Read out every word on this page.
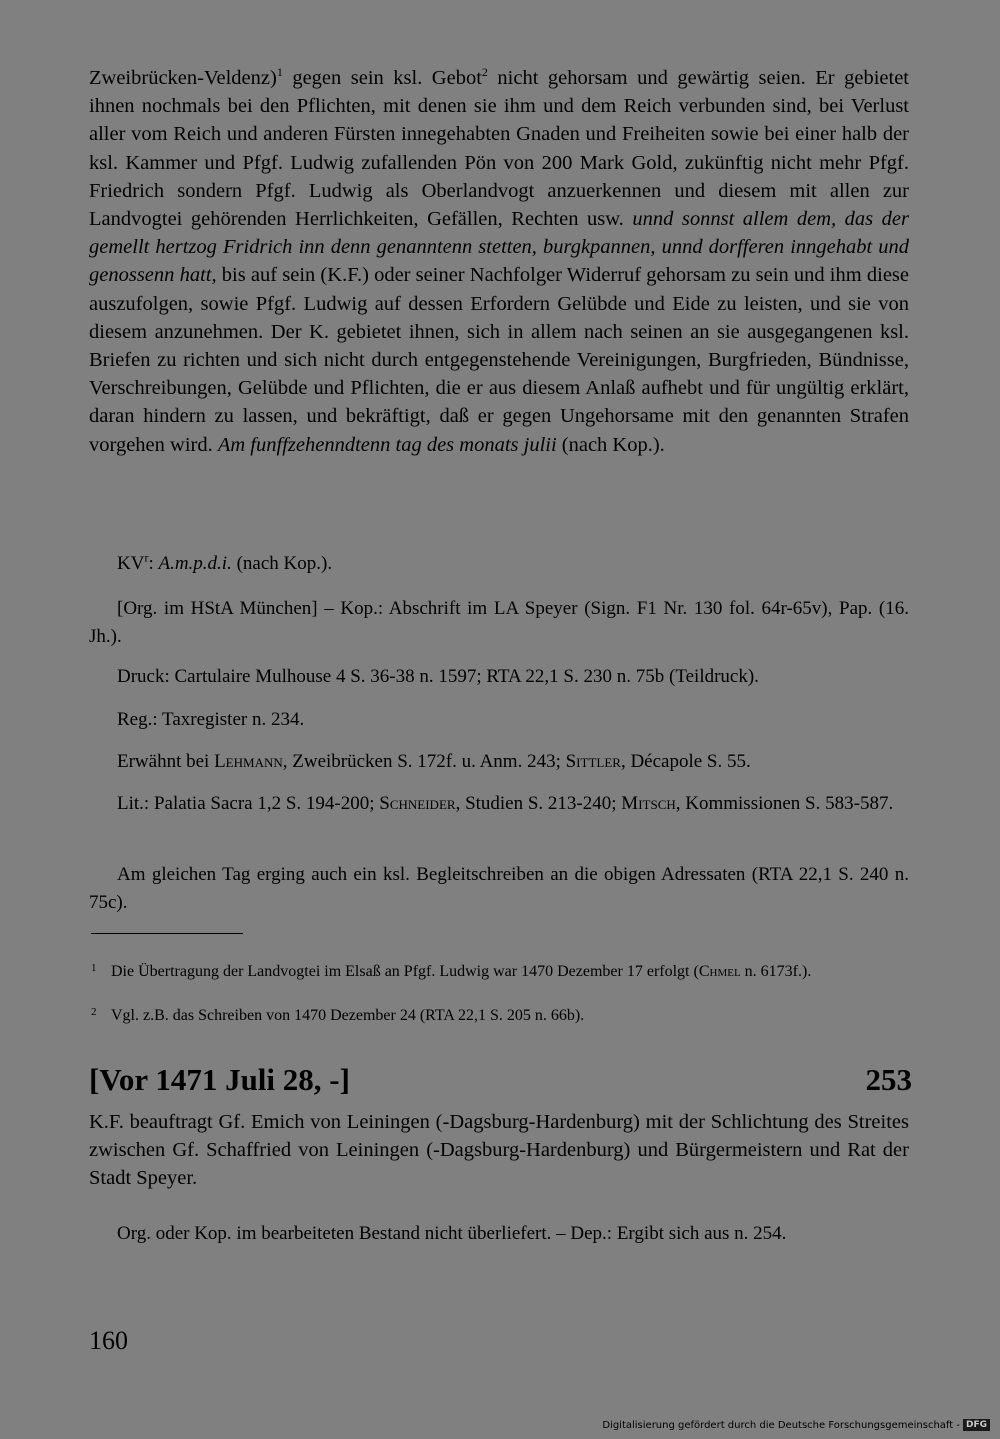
Zweibrücken-Veldenz)$^1$ gegen sein ksl. Gebot$^2$ nicht gehorsam und gewärtig seien. Er gebietet ihnen nochmals bei den Pflichten, mit denen sie ihm und dem Reich verbunden sind, bei Verlust aller vom Reich und anderen Fürsten innegehabten Gnaden und Freiheiten sowie bei einer halb der ksl. Kammer und Pfgf. Ludwig zufallenden Pön von 200 Mark Gold, zukünftig nicht mehr Pfgf. Friedrich sondern Pfgf. Ludwig als Oberlandvogt anzuerkennen und diesem mit allen zur Landvogtei gehörenden Herrlichkeiten, Gefällen, Rechten usw. unnd sonnst allem dem, das der gemellt hertzog Fridrich inn denn genanntenn stetten, burgkpannen, unnd dorfferen inngehabt und genossenn hatt, bis auf sein (K.F.) oder seiner Nachfolger Widerruf gehorsam zu sein und ihm diese auszufolgen, sowie Pfgf. Ludwig auf dessen Erfordern Gelübde und Eide zu leisten, und sie von diesem anzunehmen. Der K. gebietet ihnen, sich in allem nach seinen an sie ausgegangenen ksl. Briefen zu richten und sich nicht durch entgegenstehende Vereinigungen, Burgfrieden, Bündnisse, Verschreibungen, Gelübde und Pflichten, die er aus diesem Anlaß aufhebt und für ungültig erklärt, daran hindern zu lassen, und bekräftigt, daß er gegen Ungehorsame mit den genannten Strafen vorgehen wird. Am funffzehenndtenn tag des monats julii (nach Kop.).

$KV^r$: A.m.p.d.i. (nach Kop.).

[Org. im HStA München] – Kop.: Abschrift im LA Speyer (Sign. F1 Nr. 130 fol. 64r-65v), Pap. (16. Jh.).

Druck: Cartulaire Mulhouse 4 S. 36-38 n. 1597; RTA 22,1 S. 230 n. 75b (Teildruck).

Reg.: Taxregister n. 234.

Erwähnt bei Lehmann, Zweibrücken S. 172f. u. Anm. 243; Sittler, Décapole S. 55.

Lit.: Palatia Sacra 1,2 S. 194-200; Schneider, Studien S. 213-240; Mitsch, Kommissionen S. 583-587.

Am gleichen Tag erging auch ein ksl. Begleitschreiben an die obigen Adressaten (RTA 22,1 S. 240 n. 75c).

1 Die Übertragung der Landvogtei im Elsaß an Pfgf. Ludwig war 1470 Dezember 17 erfolgt (Chmel n. 6173f.).

2 Vgl. z.B. das Schreiben von 1470 Dezember 24 (RTA 22,1 S. 205 n. 66b).

[Vor 1471 Juli 28, -]	253

K.F. beauftragt Gf. Emich von Leiningen (-Dagsburg-Hardenburg) mit der Schlichtung des Streites zwischen Gf. Schaffried von Leiningen (-Dagsburg-Hardenburg) und Bürgermeistern und Rat der Stadt Speyer.

Org. oder Kop. im bearbeiteten Bestand nicht überliefert. – Dep.: Ergibt sich aus n. 254.

160
Digitalisierung gefördert durch die Deutsche Forschungsgemeinschaft - DFG
